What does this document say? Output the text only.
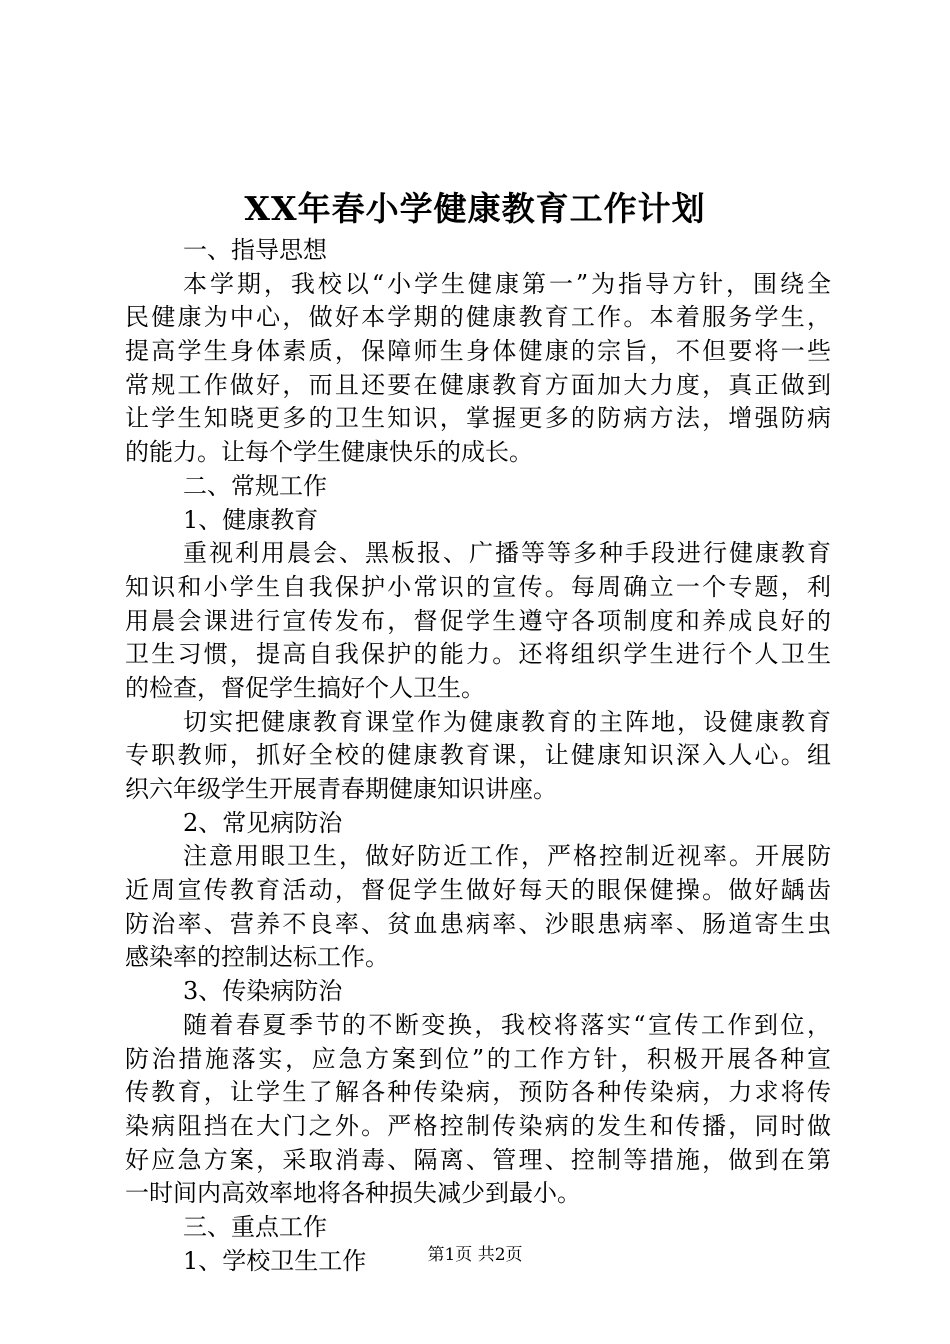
XX年春小学健康教育工作计划
一、指导思想
本学期，我校以“小学生健康第一”为指导方针，围绕全
民健康为中心，做好本学期的健康教育工作。本着服务学生，
提高学生身体素质，保障师生身体健康的宗旨，不但要将一些
常规工作做好，而且还要在健康教育方面加大力度，真正做到
让学生知晓更多的卫生知识，掌握更多的防病方法，增强防病
的能力。让每个学生健康快乐的成长。
二、常规工作
1、健康教育
重视利用晨会、黑板报、广播等等多种手段进行健康教育
知识和小学生自我保护小常识的宣传。每周确立一个专题，利
用晨会课进行宣传发布，督促学生遵守各项制度和养成良好的
卫生习惯，提高自我保护的能力。还将组织学生进行个人卫生
的检查，督促学生搞好个人卫生。
切实把健康教育课堂作为健康教育的主阵地，设健康教育
专职教师，抓好全校的健康教育课，让健康知识深入人心。组
织六年级学生开展青春期健康知识讲座。
2、常见病防治
注意用眼卫生，做好防近工作，严格控制近视率。开展防
近周宣传教育活动，督促学生做好每天的眼保健操。做好龋齿
防治率、营养不良率、贫血患病率、沙眼患病率、肠道寄生虫
感染率的控制达标工作。
3、传染病防治
随着春夏季节的不断变换，我校将落实“宣传工作到位，
防治措施落实，应急方案到位”的工作方针，积极开展各种宣
传教育，让学生了解各种传染病，预防各种传染病，力求将传
染病阻挡在大门之外。严格控制传染病的发生和传播，同时做
好应急方案，采取消毒、隔离、管理、控制等措施，做到在第
一时间内高效率地将各种损失减少到最小。
三、重点工作
1、学校卫生工作	第1页 共2页
